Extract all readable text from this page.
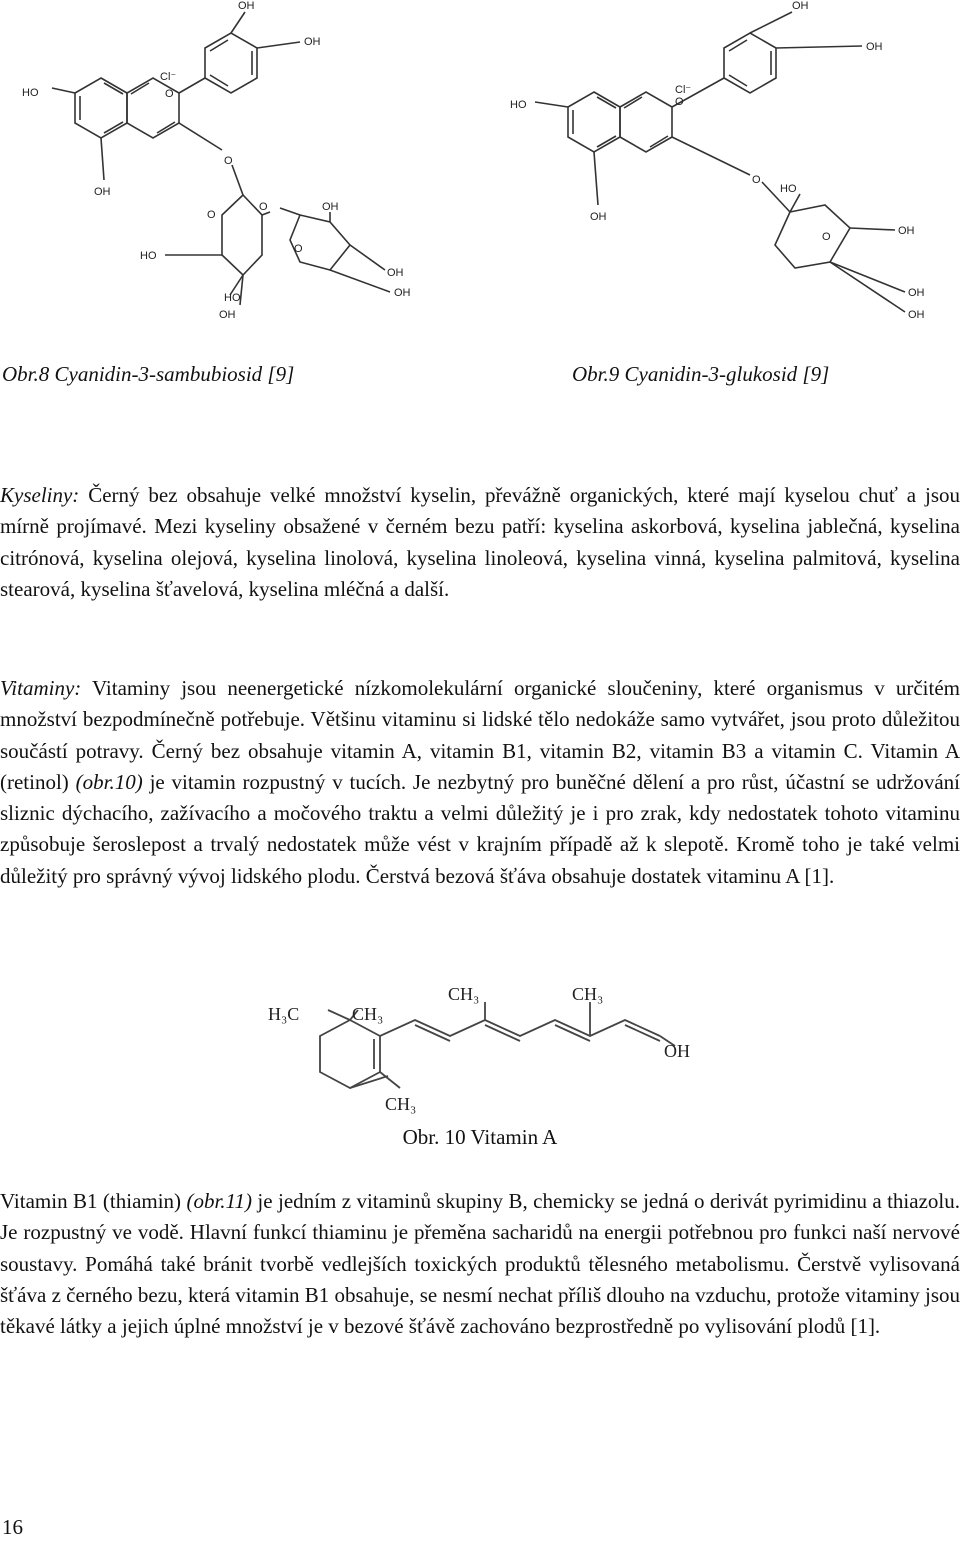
OH
OH
Cl⁻
O
HO
OH
O
O
O	OH
O
HO
OH
OH
HO
OH
OH
OH
Cl⁻
O
HO
OH
O
HO
O	OH
OH
OH
Obr.8 Cyanidin-3-sambubiosid [9]	Obr.9 Cyanidin-3-glukosid [9]

Kyseliny: Černý bez obsahuje velké množství kyselin, převážně organických, které mají kyselou chuť a jsou mírně projímavé. Mezi kyseliny obsažené v černém bezu patří: kyselina askorbová, kyselina jablečná, kyselina citrónová, kyselina olejová, kyselina linolová, kyselina linoleová, kyselina vinná, kyselina palmitová, kyselina stearová, kyselina šťavelová, kyselina mléčná a další.

Vitaminy: Vitaminy jsou neenergetické nízkomolekulární organické sloučeniny, které organismus v určitém množství bezpodmínečně potřebuje. Většinu vitaminu si lidské tělo nedokáže samo vytvářet, jsou proto důležitou součástí potravy. Černý bez obsahuje vitamin A, vitamin B1, vitamin B2, vitamin B3 a vitamin C. Vitamin A (retinol) (obr.10) je vitamin rozpustný v tucích. Je nezbytný pro buněčné dělení a pro růst, účastní se udržování sliznic dýchacího, zažívacího a močového traktu a velmi důležitý je i pro zrak, kdy nedostatek tohoto vitaminu způsobuje šeroslepost a trvalý nedostatek může vést v krajním případě až k slepotě. Kromě toho je také velmi důležitý pro správný vývoj lidského plodu. Čerstvá bezová šťáva obsahuje dostatek vitaminu A [1].

H₃C	CH₃
CH₃	CH₃
CH₃
OH
Obr. 10 Vitamin A

Vitamin B1 (thiamin) (obr.11) je jedním z vitaminů skupiny B, chemicky se jedná o derivát pyrimidinu a thiazolu. Je rozpustný ve vodě. Hlavní funkcí thiaminu je přeměna sacharidů na energii potřebnou pro funkci naší nervové soustavy. Pomáhá také bránit tvorbě vedlejších toxických produktů tělesného metabolismu. Čerstvě vylisovaná šťáva z černého bezu, která vitamin B1 obsahuje, se nesmí nechat příliš dlouho na vzduchu, protože vitaminy jsou těkavé látky a jejich úplné množství je v bezové šťávě zachováno bezprostředně po vylisování plodů [1].

16
